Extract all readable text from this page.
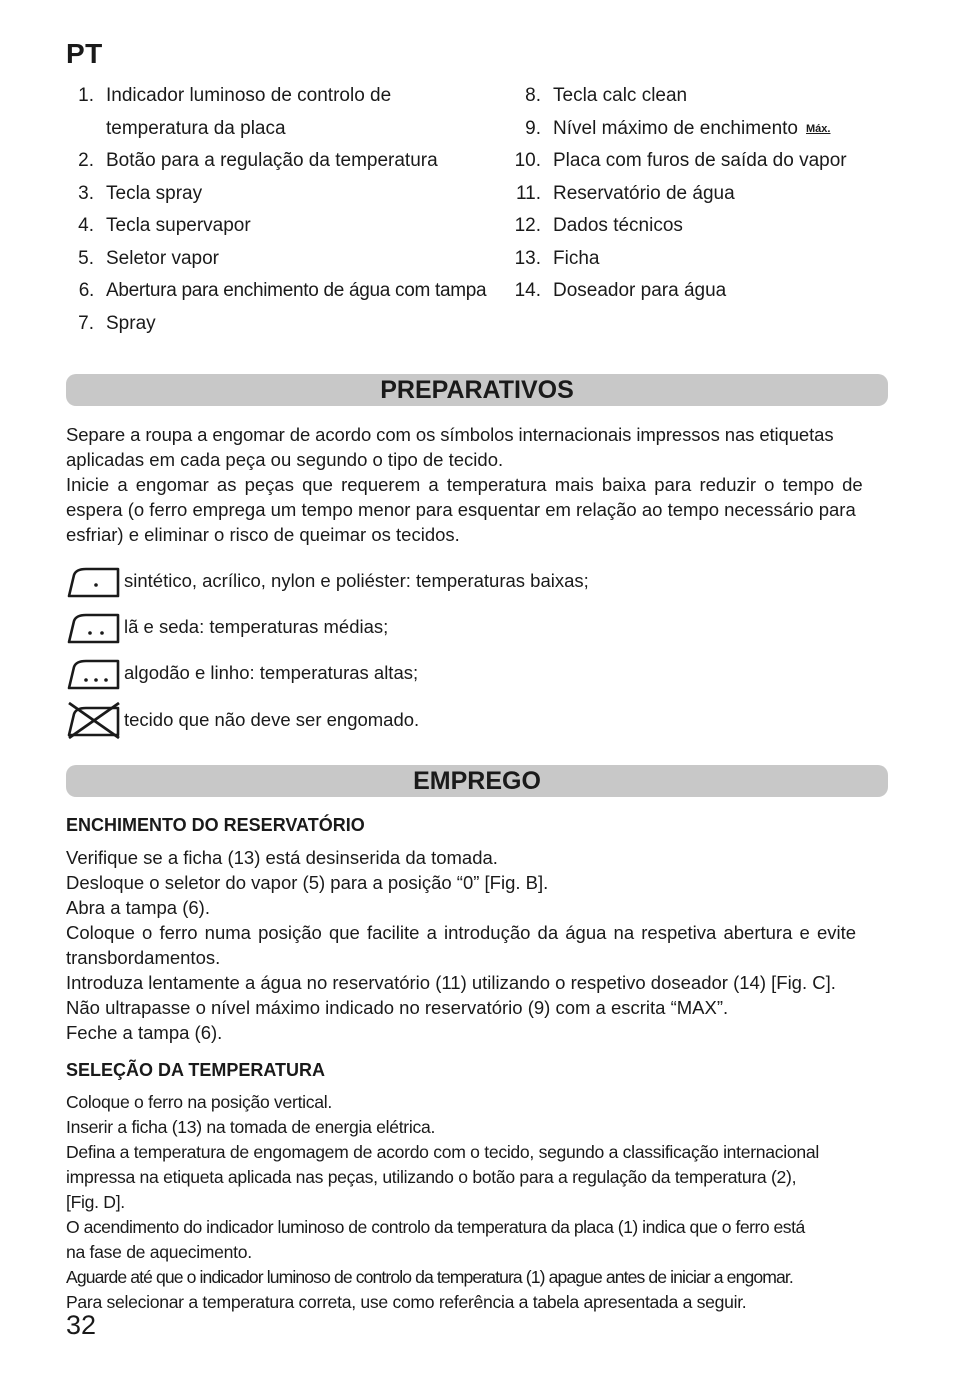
PT
1. Indicador luminoso de controlo de
temperatura da placa
2. Botão para a regulação da temperatura
3. Tecla spray
4. Tecla supervapor
5. Seletor vapor
6. Abertura para enchimento de água com tampa
7. Spray
8. Tecla calc clean
9. Nível máximo de enchimento Máx.
10. Placa com furos de saída do vapor
11. Reservatório de água
12. Dados técnicos
13. Ficha
14. Doseador para água
PREPARATIVOS
Separe a roupa a engomar de acordo com os símbolos internacionais impressos nas etiquetas
aplicadas em cada peça ou segundo o tipo de tecido.
Inicie a engomar as peças que requerem a temperatura mais baixa para reduzir o tempo de
espera (o ferro emprega um tempo menor para esquentar em relação ao tempo necessário para
esfriar) e eliminar o risco de queimar os tecidos.
sintético, acrílico, nylon e poliéster: temperaturas baixas;
lã e seda: temperaturas médias;
algodão e linho: temperaturas altas;
tecido que não deve ser engomado.
EMPREGO
ENCHIMENTO DO RESERVATÓRIO
Verifique se a ficha (13) está desinserida da tomada.
Desloque o seletor do vapor (5) para a posição “0” [Fig. B].
Abra a tampa (6).
Coloque o ferro numa posição que facilite a introdução da água na respetiva abertura e evite
transbordamentos.
Introduza lentamente a água no reservatório (11) utilizando o respetivo doseador (14) [Fig. C].
Não ultrapasse o nível máximo indicado no reservatório (9) com a escrita “MAX”.
Feche a tampa (6).
SELEÇÃO DA TEMPERATURA
Coloque o ferro na posição vertical.
Inserir a ficha (13) na tomada de energia elétrica.
Defina a temperatura de engomagem de acordo com o tecido, segundo a classificação internacional
impressa na etiqueta aplicada nas peças, utilizando o botão para a regulação da temperatura (2),
[Fig. D].
O acendimento do indicador luminoso de controlo da temperatura da placa (1) indica que o ferro está
na fase de aquecimento.
Aguarde até que o indicador luminoso de controlo da temperatura (1) apague antes de iniciar a engomar.
Para selecionar a temperatura correta, use como referência a tabela apresentada a seguir.
32
